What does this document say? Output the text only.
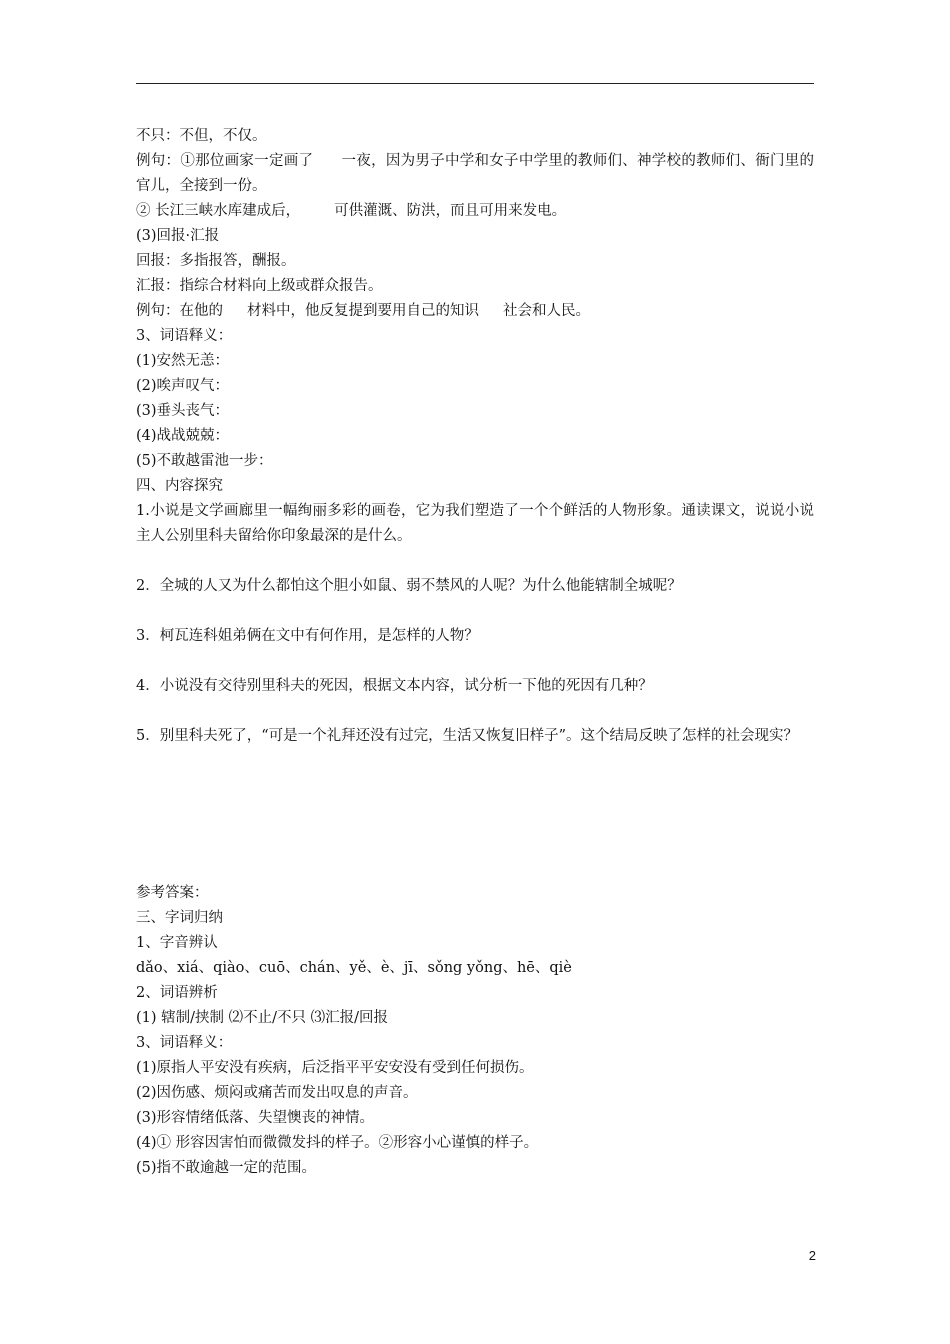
不只：不但，不仅。
例句：①那位画家一定画了 一夜，因为男子中学和女子中学里的教师们、神学校的教师们、衙门里的官儿，全接到一份。
② 长江三峡水库建成后， 可供灌溉、防洪，而且可用来发电。
(3)回报·汇报
回报：多指报答，酬报。
汇报：指综合材料向上级或群众报告。
例句：在他的 材料中，他反复提到要用自己的知识 社会和人民。
3、词语释义：
(1)安然无恙：
(2)唉声叹气：
(3)垂头丧气：
(4)战战兢兢：
(5)不敢越雷池一步：
四、内容探究
1.小说是文学画廊里一幅绚丽多彩的画卷，它为我们塑造了一个个鲜活的人物形象。通读课文，说说小说主人公别里科夫留给你印象最深的是什么。
2．全城的人又为什么都怕这个胆小如鼠、弱不禁风的人呢？为什么他能辖制全城呢？
3．柯瓦连科姐弟俩在文中有何作用，是怎样的人物？
4．小说没有交待别里科夫的死因，根据文本内容，试分析一下他的死因有几种？
5．别里科夫死了，“可是一个礼拜还没有过完，生活又恢复旧样子”。这个结局反映了怎样的社会现实？
参考答案：
三、字词归纳
1、字音辨认
dǎo、xiá、qiào、cuō、chán、yě、è、jī、sǒng yǒng、hē、qiè
2、词语辨析
(1) 辖制/挟制 ⑵不止/不只 ⑶汇报/回报
3、词语释义：
(1)原指人平安没有疾病，后泛指平平安安没有受到任何损伤。
(2)因伤感、烦闷或痛苦而发出叹息的声音。
(3)形容情绪低落、失望懊丧的神情。
(4)① 形容因害怕而微微发抖的样子。②形容小心谨慎的样子。
(5)指不敢逾越一定的范围。
2
